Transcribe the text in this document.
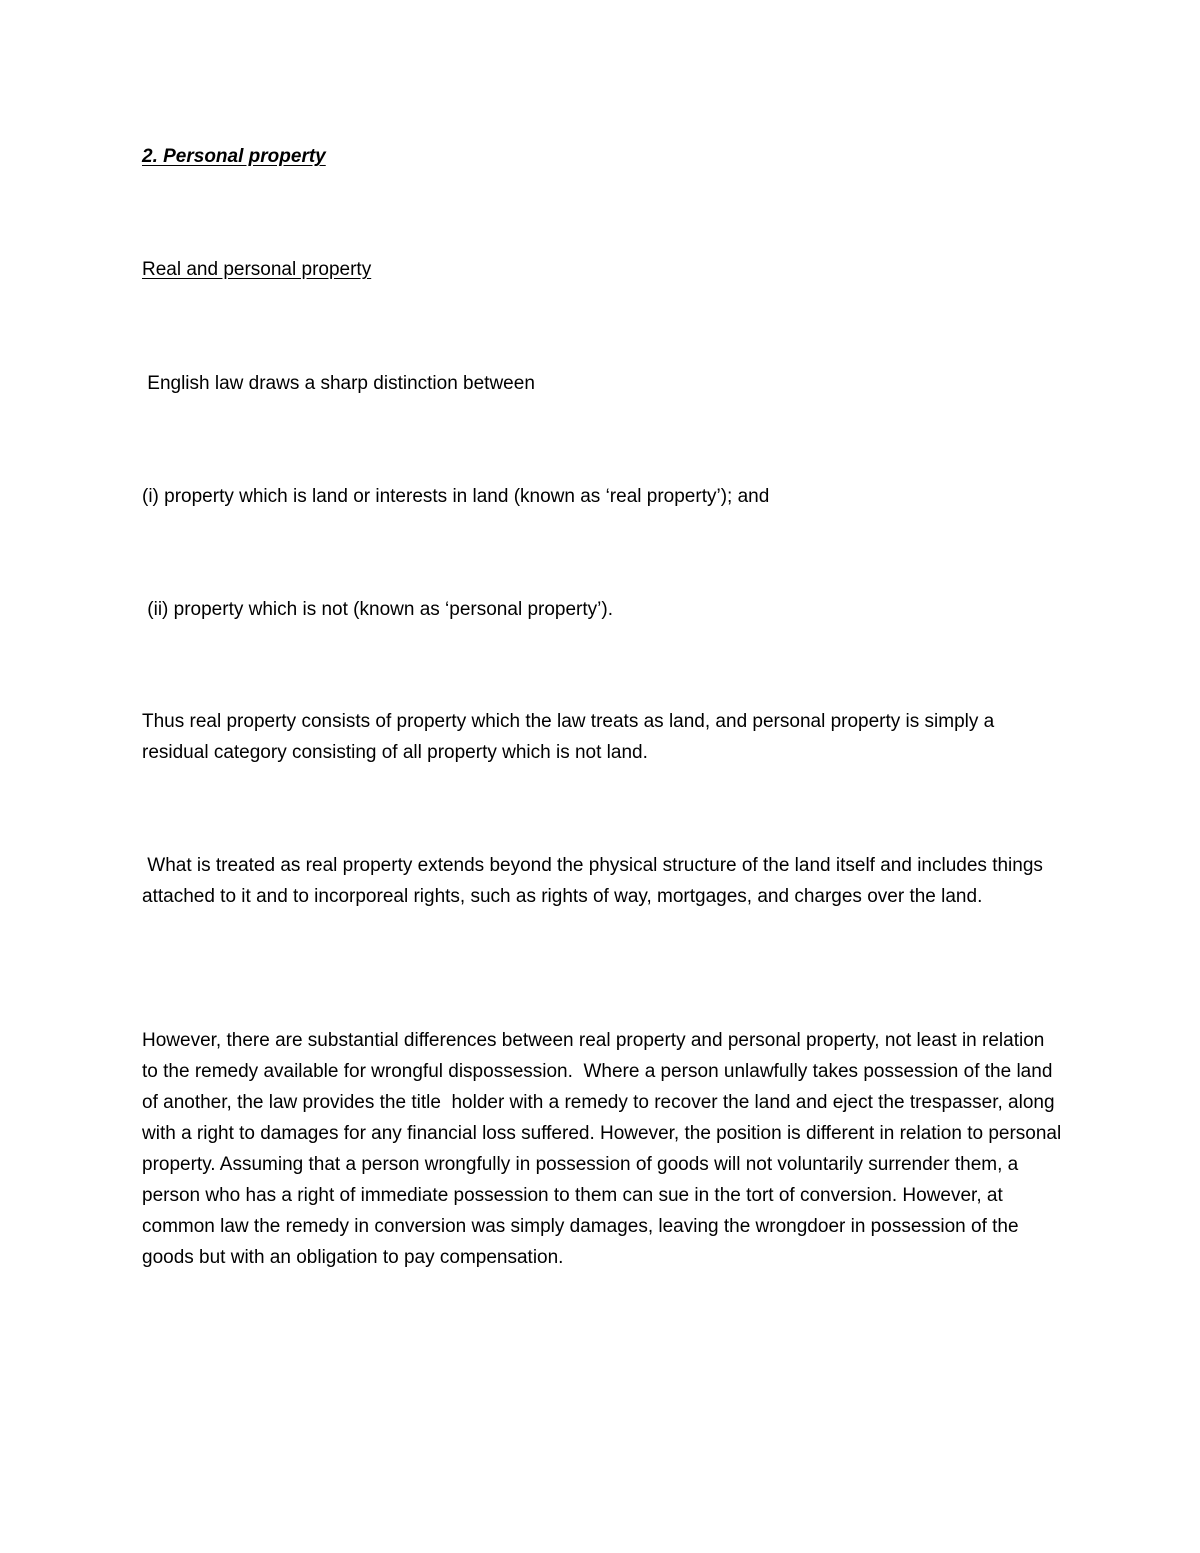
2. Personal property

Real and personal property

English law draws a sharp distinction between

(i) property which is land or interests in land (known as ‘real property’); and

(ii) property which is not (known as ‘personal property’).

Thus real property consists of property which the law treats as land, and personal property is simply a residual category consisting of all property which is not land.

What is treated as real property extends beyond the physical structure of the land itself and includes things attached to it and to incorporeal rights, such as rights of way, mortgages, and charges over the land.

However, there are substantial differences between real property and personal property, not least in relation to the remedy available for wrongful dispossession.  Where a person unlawfully takes possession of the land of another, the law provides the title  holder with a remedy to recover the land and eject the trespasser, along with a right to damages for any financial loss suffered. However, the position is different in relation to personal property. Assuming that a person wrongfully in possession of goods will not voluntarily surrender them, a person who has a right of immediate possession to them can sue in the tort of conversion. However, at common law the remedy in conversion was simply damages, leaving the wrongdoer in possession of the goods but with an obligation to pay compensation.
